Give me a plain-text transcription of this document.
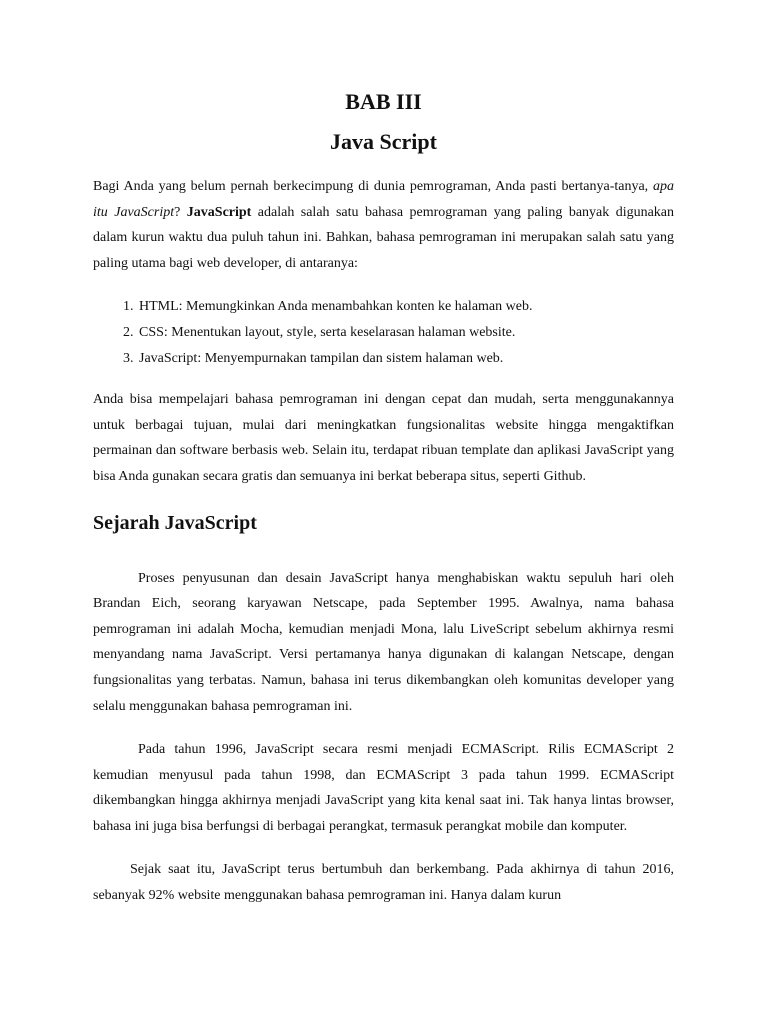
BAB III
Java Script

Bagi Anda yang belum pernah berkecimpung di dunia pemrograman, Anda pasti bertanya-tanya, apa itu JavaScript? JavaScript adalah salah satu bahasa pemrograman yang paling banyak digunakan dalam kurun waktu dua puluh tahun ini. Bahkan, bahasa pemrograman ini merupakan salah satu yang paling utama bagi web developer, di antaranya:

1. HTML: Memungkinkan Anda menambahkan konten ke halaman web.
2. CSS: Menentukan layout, style, serta keselarasan halaman website.
3. JavaScript: Menyempurnakan tampilan dan sistem halaman web.

Anda bisa mempelajari bahasa pemrograman ini dengan cepat dan mudah, serta menggunakannya untuk berbagai tujuan, mulai dari meningkatkan fungsionalitas website hingga mengaktifkan permainan dan software berbasis web. Selain itu, terdapat ribuan template dan aplikasi JavaScript yang bisa Anda gunakan secara gratis dan semuanya ini berkat beberapa situs, seperti Github.

Sejarah JavaScript

Proses penyusunan dan desain JavaScript hanya menghabiskan waktu sepuluh hari oleh Brandan Eich, seorang karyawan Netscape, pada September 1995. Awalnya, nama bahasa pemrograman ini adalah Mocha, kemudian menjadi Mona, lalu LiveScript sebelum akhirnya resmi menyandang nama JavaScript. Versi pertamanya hanya digunakan di kalangan Netscape, dengan fungsionalitas yang terbatas. Namun, bahasa ini terus dikembangkan oleh komunitas developer yang selalu menggunakan bahasa pemrograman ini.

Pada tahun 1996, JavaScript secara resmi menjadi ECMAScript. Rilis ECMAScript 2 kemudian menyusul pada tahun 1998, dan ECMAScript 3 pada tahun 1999. ECMAScript dikembangkan hingga akhirnya menjadi JavaScript yang kita kenal saat ini. Tak hanya lintas browser, bahasa ini juga bisa berfungsi di berbagai perangkat, termasuk perangkat mobile dan komputer.

Sejak saat itu, JavaScript terus bertumbuh dan berkembang. Pada akhirnya di tahun 2016, sebanyak 92% website menggunakan bahasa pemrograman ini. Hanya dalam kurun
